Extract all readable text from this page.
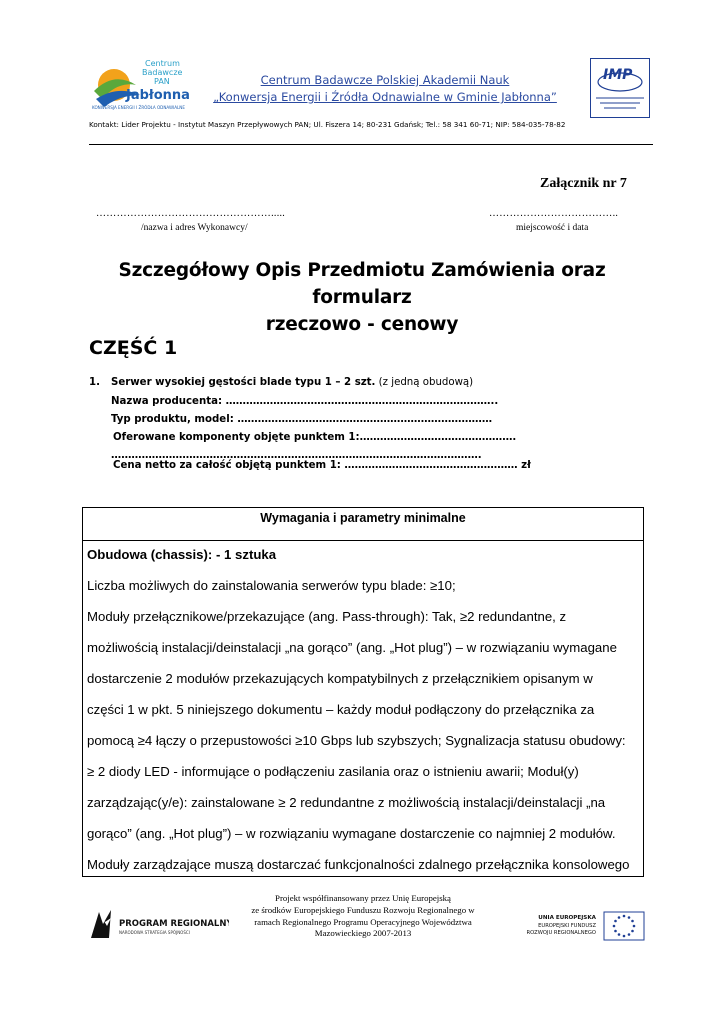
Centrum
Badawcze
PAN
Jabłonna
KONWERSJA ENERGII I ŹRÓDŁA ODNAWIALNE
Centrum Badawcze Polskiej Akademii Nauk
„Konwersja Energii i Źródła Odnawialne w Gminie Jabłonna”
IMP
Kontakt: Lider Projektu - Instytut Maszyn Przepływowych PAN; Ul. Fiszera 14; 80-231 Gdańsk; Tel.: 58 341 60-71; NIP: 584-035-78-82
Załącznik nr 7
…………………………………………….....	………………………………..
/nazwa i adres Wykonawcy/	miejscowość i data
Szczegółowy Opis Przedmiotu Zamówienia oraz formularz
rzeczowo - cenowy
CZĘŚĆ 1
1. Serwer wysokiej gęstości blade typu 1 – 2 szt. (z jedną obudową)
Nazwa producenta: ……………………………………………………………………..
Typ produktu, model: …………………………………………………………………
Oferowane komponenty objęte punktem 1:……………………………………….
……………………………………………………………………………………………….
Cena netto za całość objętą punktem 1: …………………………………………… zł
Wymagania i parametry minimalne
Obudowa (chassis): - 1 sztuka

Liczba możliwych do zainstalowania serwerów typu blade: ≥10;

Moduły przełącznikowe/przekazujące (ang. Pass-through): Tak, ≥2 redundantne, z

możliwością instalacji/deinstalacji „na gorąco” (ang. „Hot plug”) – w rozwiązaniu wymagane

dostarczenie 2 modułów przekazujących kompatybilnych z przełącznikiem opisanym w

części 1 w pkt. 5 niniejszego dokumentu – każdy moduł podłączony do przełącznika za

pomocą ≥4 łączy o przepustowości ≥10 Gbps lub szybszych; Sygnalizacja statusu obudowy:

≥ 2 diody LED - informujące o podłączeniu zasilania oraz o istnieniu awarii; Moduł(y)

zarządzając(y/e): zainstalowane ≥ 2 redundantne z możliwością instalacji/deinstalacji „na

gorąco” (ang. „Hot plug”) – w rozwiązaniu wymagane dostarczenie co najmniej 2 modułów.

Moduły zarządzające muszą dostarczać funkcjonalności zdalnego przełącznika konsolowego

PROGRAM REGIONALNY
NARODOWA STRATEGIA SPÓJNOŚCI
Projekt współfinansowany przez Unię Europejską
ze środków Europejskiego Funduszu Rozwoju Regionalnego w
ramach Regionalnego Programu Operacyjnego Województwa
Mazowieckiego 2007-2013
UNIA EUROPEJSKA
EUROPEJSKI FUNDUSZ
ROZWOJU REGIONALNEGO
